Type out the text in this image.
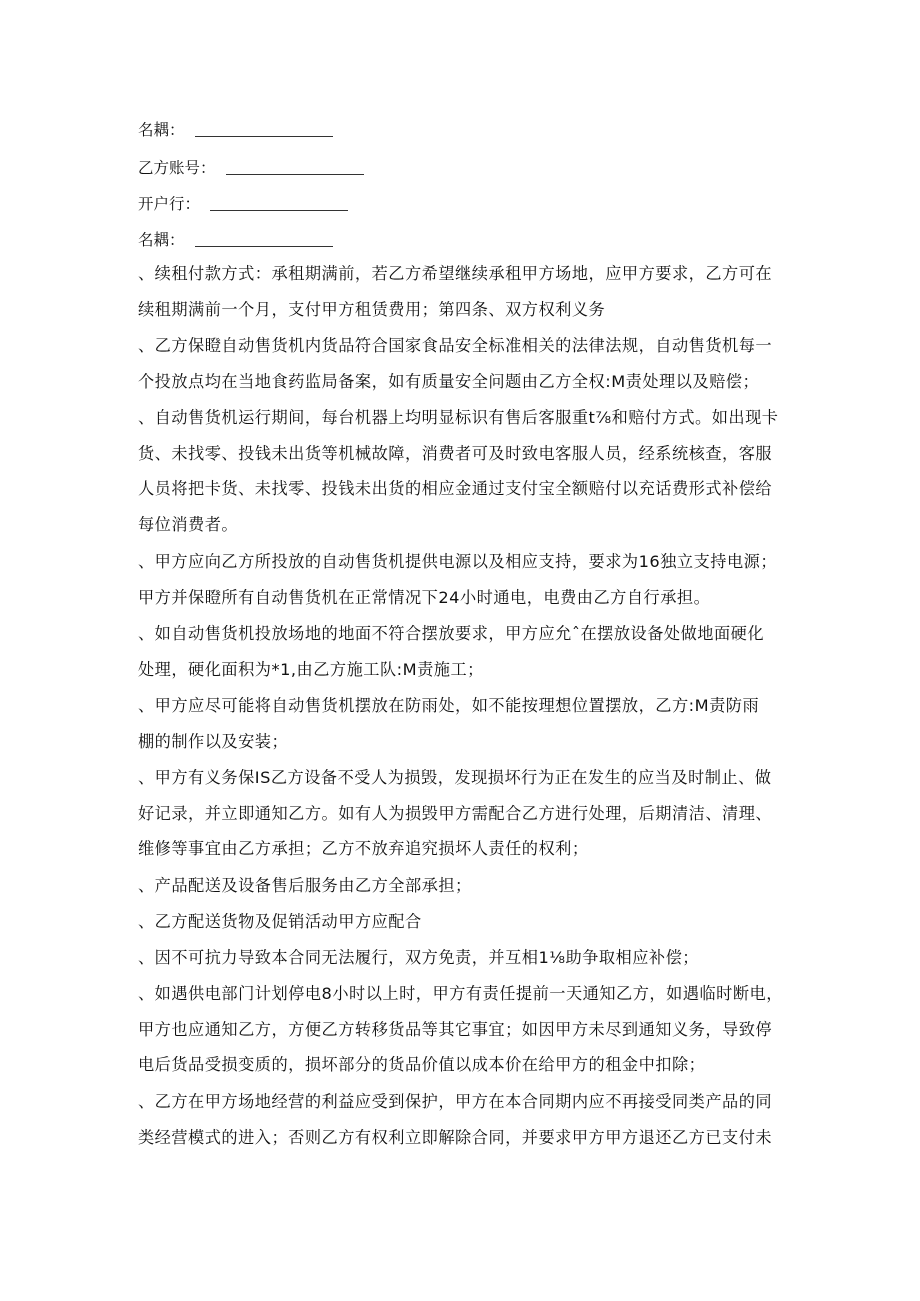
名耦：
乙方账号：
开户行：
名耦：

、续租付款方式：承租期满前，若乙方希望继续承租甲方场地，应甲方要求，乙方可在
续租期满前一个月，支付甲方租赁费用；第四条、双方权利义务

、乙方保瞪自动售货机内货品符合国家食品安全标准相关的法律法规，自动售货机每一
个投放点均在当地食药监局备案，如有质量安全问题由乙方全权:M责处理以及赔偿；

、自动售货机运行期间，每台机器上均明显标识有售后客服重t⅞和赔付方式。如出现卡
货、未找零、投钱未出货等机械故障，消费者可及时致电客服人员，经系统核查，客服
人员将把卡货、未找零、投钱未出货的相应金通过支付宝全额赔付以充话费形式补偿给
每位消费者。

、甲方应向乙方所投放的自动售货机提供电源以及相应支持，要求为16独立支持电源；
甲方并保瞪所有自动售货机在正常情况下24小时通电，电费由乙方自行承担。

、如自动售货机投放场地的地面不符合摆放要求，甲方应允ˆ在摆放设备处做地面硬化
处理，硬化面积为*1,由乙方施工队:M责施工；

、甲方应尽可能将自动售货机摆放在防雨处，如不能按理想位置摆放，乙方:M责防雨
棚的制作以及安装；

、甲方有义务保IS乙方设备不受人为损毁，发现损坏行为正在发生的应当及时制止、做
好记录，并立即通知乙方。如有人为损毁甲方需配合乙方进行处理，后期清洁、清理、
维修等事宜由乙方承担；乙方不放弃追究损坏人责任的权利；

、产品配送及设备售后服务由乙方全部承担；

、乙方配送货物及促销活动甲方应配合

、因不可抗力导致本合同无法履行，双方免责，并互相1⅛助争取相应补偿；

、如遇供电部门计划停电8小时以上时，甲方有责任提前一天通知乙方，如遇临时断电，
甲方也应通知乙方，方便乙方转移货品等其它事宜；如因甲方未尽到通知义务，导致停
电后货品受损变质的，损坏部分的货品价值以成本价在给甲方的租金中扣除；

、乙方在甲方场地经营的利益应受到保护，甲方在本合同期内应不再接受同类产品的同
类经营模式的进入；否则乙方有权利立即解除合同，并要求甲方甲方退还乙方已支付未
